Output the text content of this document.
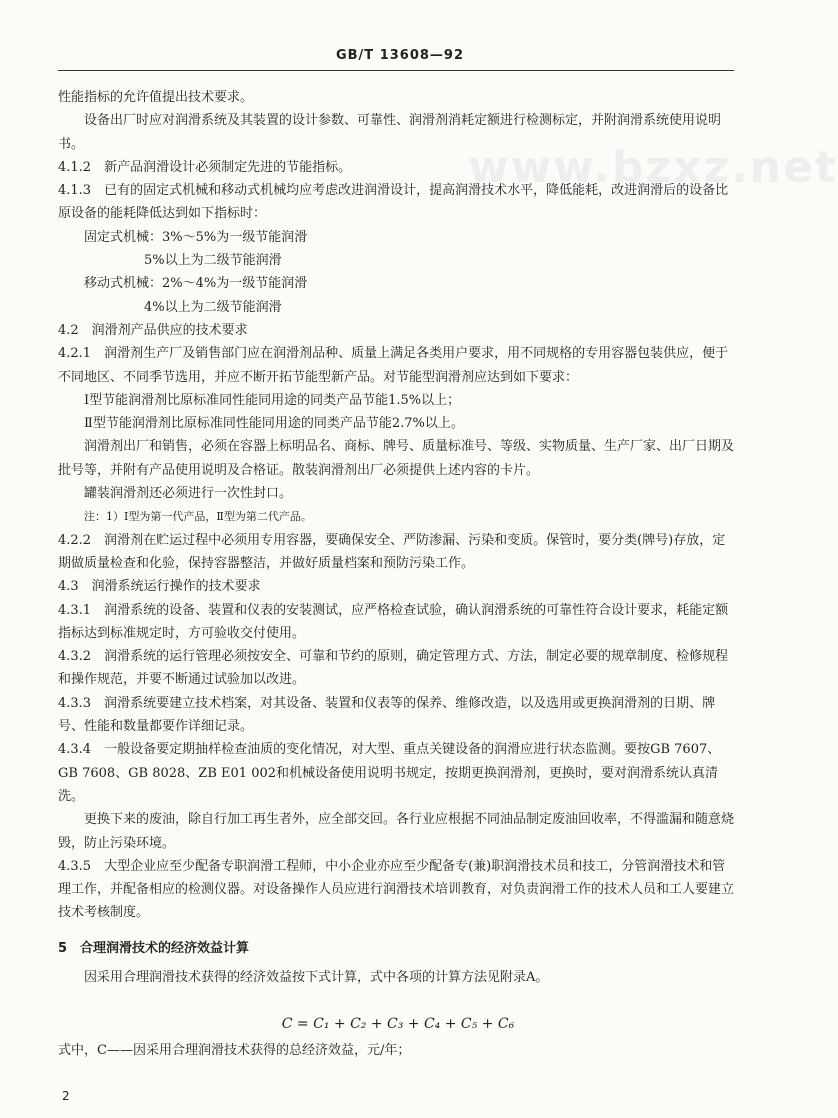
GB/T 13608—92
www.bzxz.net

性能指标的允许值提出技术要求。

设备出厂时应对润滑系统及其装置的设计参数、可靠性、润滑剂消耗定额进行检测标定，并附润滑系统使用说明书。

4.1.2　新产品润滑设计必须制定先进的节能指标。

4.1.3　已有的固定式机械和移动式机械均应考虑改进润滑设计，提高润滑技术水平，降低能耗，改进润滑后的设备比原设备的能耗降低达到如下指标时：

固定式机械：3%～5%为一级节能润滑

5%以上为二级节能润滑

移动式机械：2%～4%为一级节能润滑

4%以上为二级节能润滑

4.2　润滑剂产品供应的技术要求

4.2.1　润滑剂生产厂及销售部门应在润滑剂品种、质量上满足各类用户要求，用不同规格的专用容器包装供应，便于不同地区、不同季节选用，并应不断开拓节能型新产品。对节能型润滑剂应达到如下要求：

Ⅰ型节能润滑剂比原标准同性能同用途的同类产品节能1.5%以上；

Ⅱ型节能润滑剂比原标准同性能同用途的同类产品节能2.7%以上。

润滑剂出厂和销售，必须在容器上标明品名、商标、牌号、质量标准号、等级、实物质量、生产厂家、出厂日期及批号等，并附有产品使用说明及合格证。散装润滑剂出厂必须提供上述内容的卡片。

罐装润滑剂还必须进行一次性封口。

注：1）Ⅰ型为第一代产品，Ⅱ型为第二代产品。

4.2.2　润滑剂在贮运过程中必须用专用容器，要确保安全、严防渗漏、污染和变质。保管时，要分类(牌号)存放，定期做质量检查和化验，保持容器整洁，并做好质量档案和预防污染工作。

4.3　润滑系统运行操作的技术要求

4.3.1　润滑系统的设备、装置和仪表的安装测试，应严格检查试验，确认润滑系统的可靠性符合设计要求，耗能定额指标达到标准规定时，方可验收交付使用。

4.3.2　润滑系统的运行管理必须按安全、可靠和节约的原则，确定管理方式、方法，制定必要的规章制度、检修规程和操作规范，并要不断通过试验加以改进。

4.3.3　润滑系统要建立技术档案，对其设备、装置和仪表等的保养、维修改造，以及选用或更换润滑剂的日期、牌号、性能和数量都要作详细记录。

4.3.4　一般设备要定期抽样检查油质的变化情况，对大型、重点关键设备的润滑应进行状态监测。要按GB 7607、GB 7608、GB 8028、ZB E01 002和机械设备使用说明书规定，按期更换润滑剂，更换时，要对润滑系统认真清洗。

更换下来的废油，除自行加工再生者外，应全部交回。各行业应根据不同油品制定废油回收率，不得滥漏和随意烧毁，防止污染环境。

4.3.5　大型企业应至少配备专职润滑工程师，中小企业亦应至少配备专(兼)职润滑技术员和技工，分管润滑技术和管理工作，并配备相应的检测仪器。对设备操作人员应进行润滑技术培训教育，对负责润滑工作的技术人员和工人要建立技术考核制度。

5　合理润滑技术的经济效益计算

因采用合理润滑技术获得的经济效益按下式计算，式中各项的计算方法见附录A。

C = C₁ + C₂ + C₃ + C₄ + C₅ + C₆

式中，C——因采用合理润滑技术获得的总经济效益，元/年；

2
